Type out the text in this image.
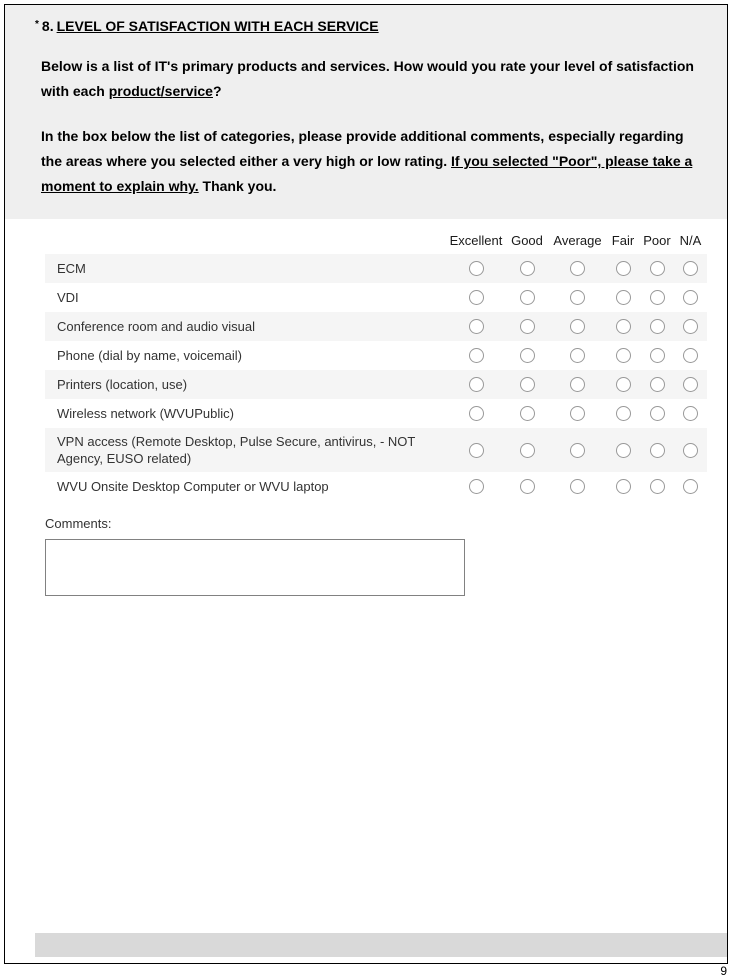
* 8. LEVEL OF SATISFACTION WITH EACH SERVICE

Below is a list of IT's primary products and services. How would you rate your level of satisfaction with each product/service?

In the box below the list of categories, please provide additional comments, especially regarding the areas where you selected either a very high or low rating. If you selected "Poor", please take a moment to explain why. Thank you.

Excellent Good Average Fair Poor N/A
ECM
VDI
Conference room and audio visual
Phone (dial by name, voicemail)
Printers (location, use)
Wireless network (WVUPublic)
VPN access (Remote Desktop, Pulse Secure, antivirus, - NOT Agency, EUSO related)
WVU Onsite Desktop Computer or WVU laptop
Comments:
9
